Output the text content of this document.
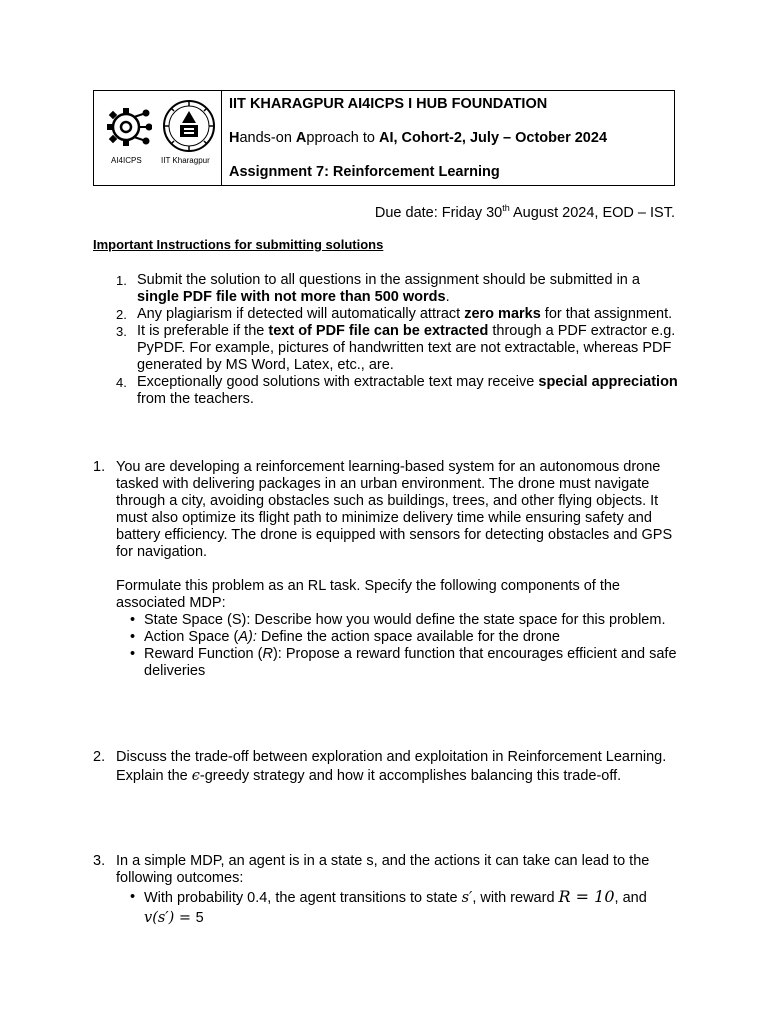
AI4ICPS IIT Kharagpur
IIT KHARAGPUR AI4ICPS I HUB FOUNDATION
Hands-on Approach to AI, Cohort-2, July – October 2024
Assignment 7: Reinforcement Learning
Due date: Friday 30th August 2024, EOD – IST.
Important Instructions for submitting solutions
1. Submit the solution to all questions in the assignment should be submitted in a single PDF file with not more than 500 words.
2. Any plagiarism if detected will automatically attract zero marks for that assignment.
3. It is preferable if the text of PDF file can be extracted through a PDF extractor e.g. PyPDF. For example, pictures of handwritten text are not extractable, whereas PDF generated by MS Word, Latex, etc., are.
4. Exceptionally good solutions with extractable text may receive special appreciation from the teachers.
1. You are developing a reinforcement learning-based system for an autonomous drone tasked with delivering packages in an urban environment. The drone must navigate through a city, avoiding obstacles such as buildings, trees, and other flying objects. It must also optimize its flight path to minimize delivery time while ensuring safety and battery efficiency. The drone is equipped with sensors for detecting obstacles and GPS for navigation.

Formulate this problem as an RL task. Specify the following components of the associated MDP:

• State Space (S): Describe how you would define the state space for this problem.
• Action Space (A): Define the action space available for the drone
• Reward Function (R): Propose a reward function that encourages efficient and safe deliveries
2. Discuss the trade-off between exploration and exploitation in Reinforcement Learning. Explain the ϵ-greedy strategy and how it accomplishes balancing this trade-off.
3. In a simple MDP, an agent is in a state s, and the actions it can take can lead to the following outcomes:

• With probability 0.4, the agent transitions to state s′, with reward R = 10, and
v(s′) = 5
